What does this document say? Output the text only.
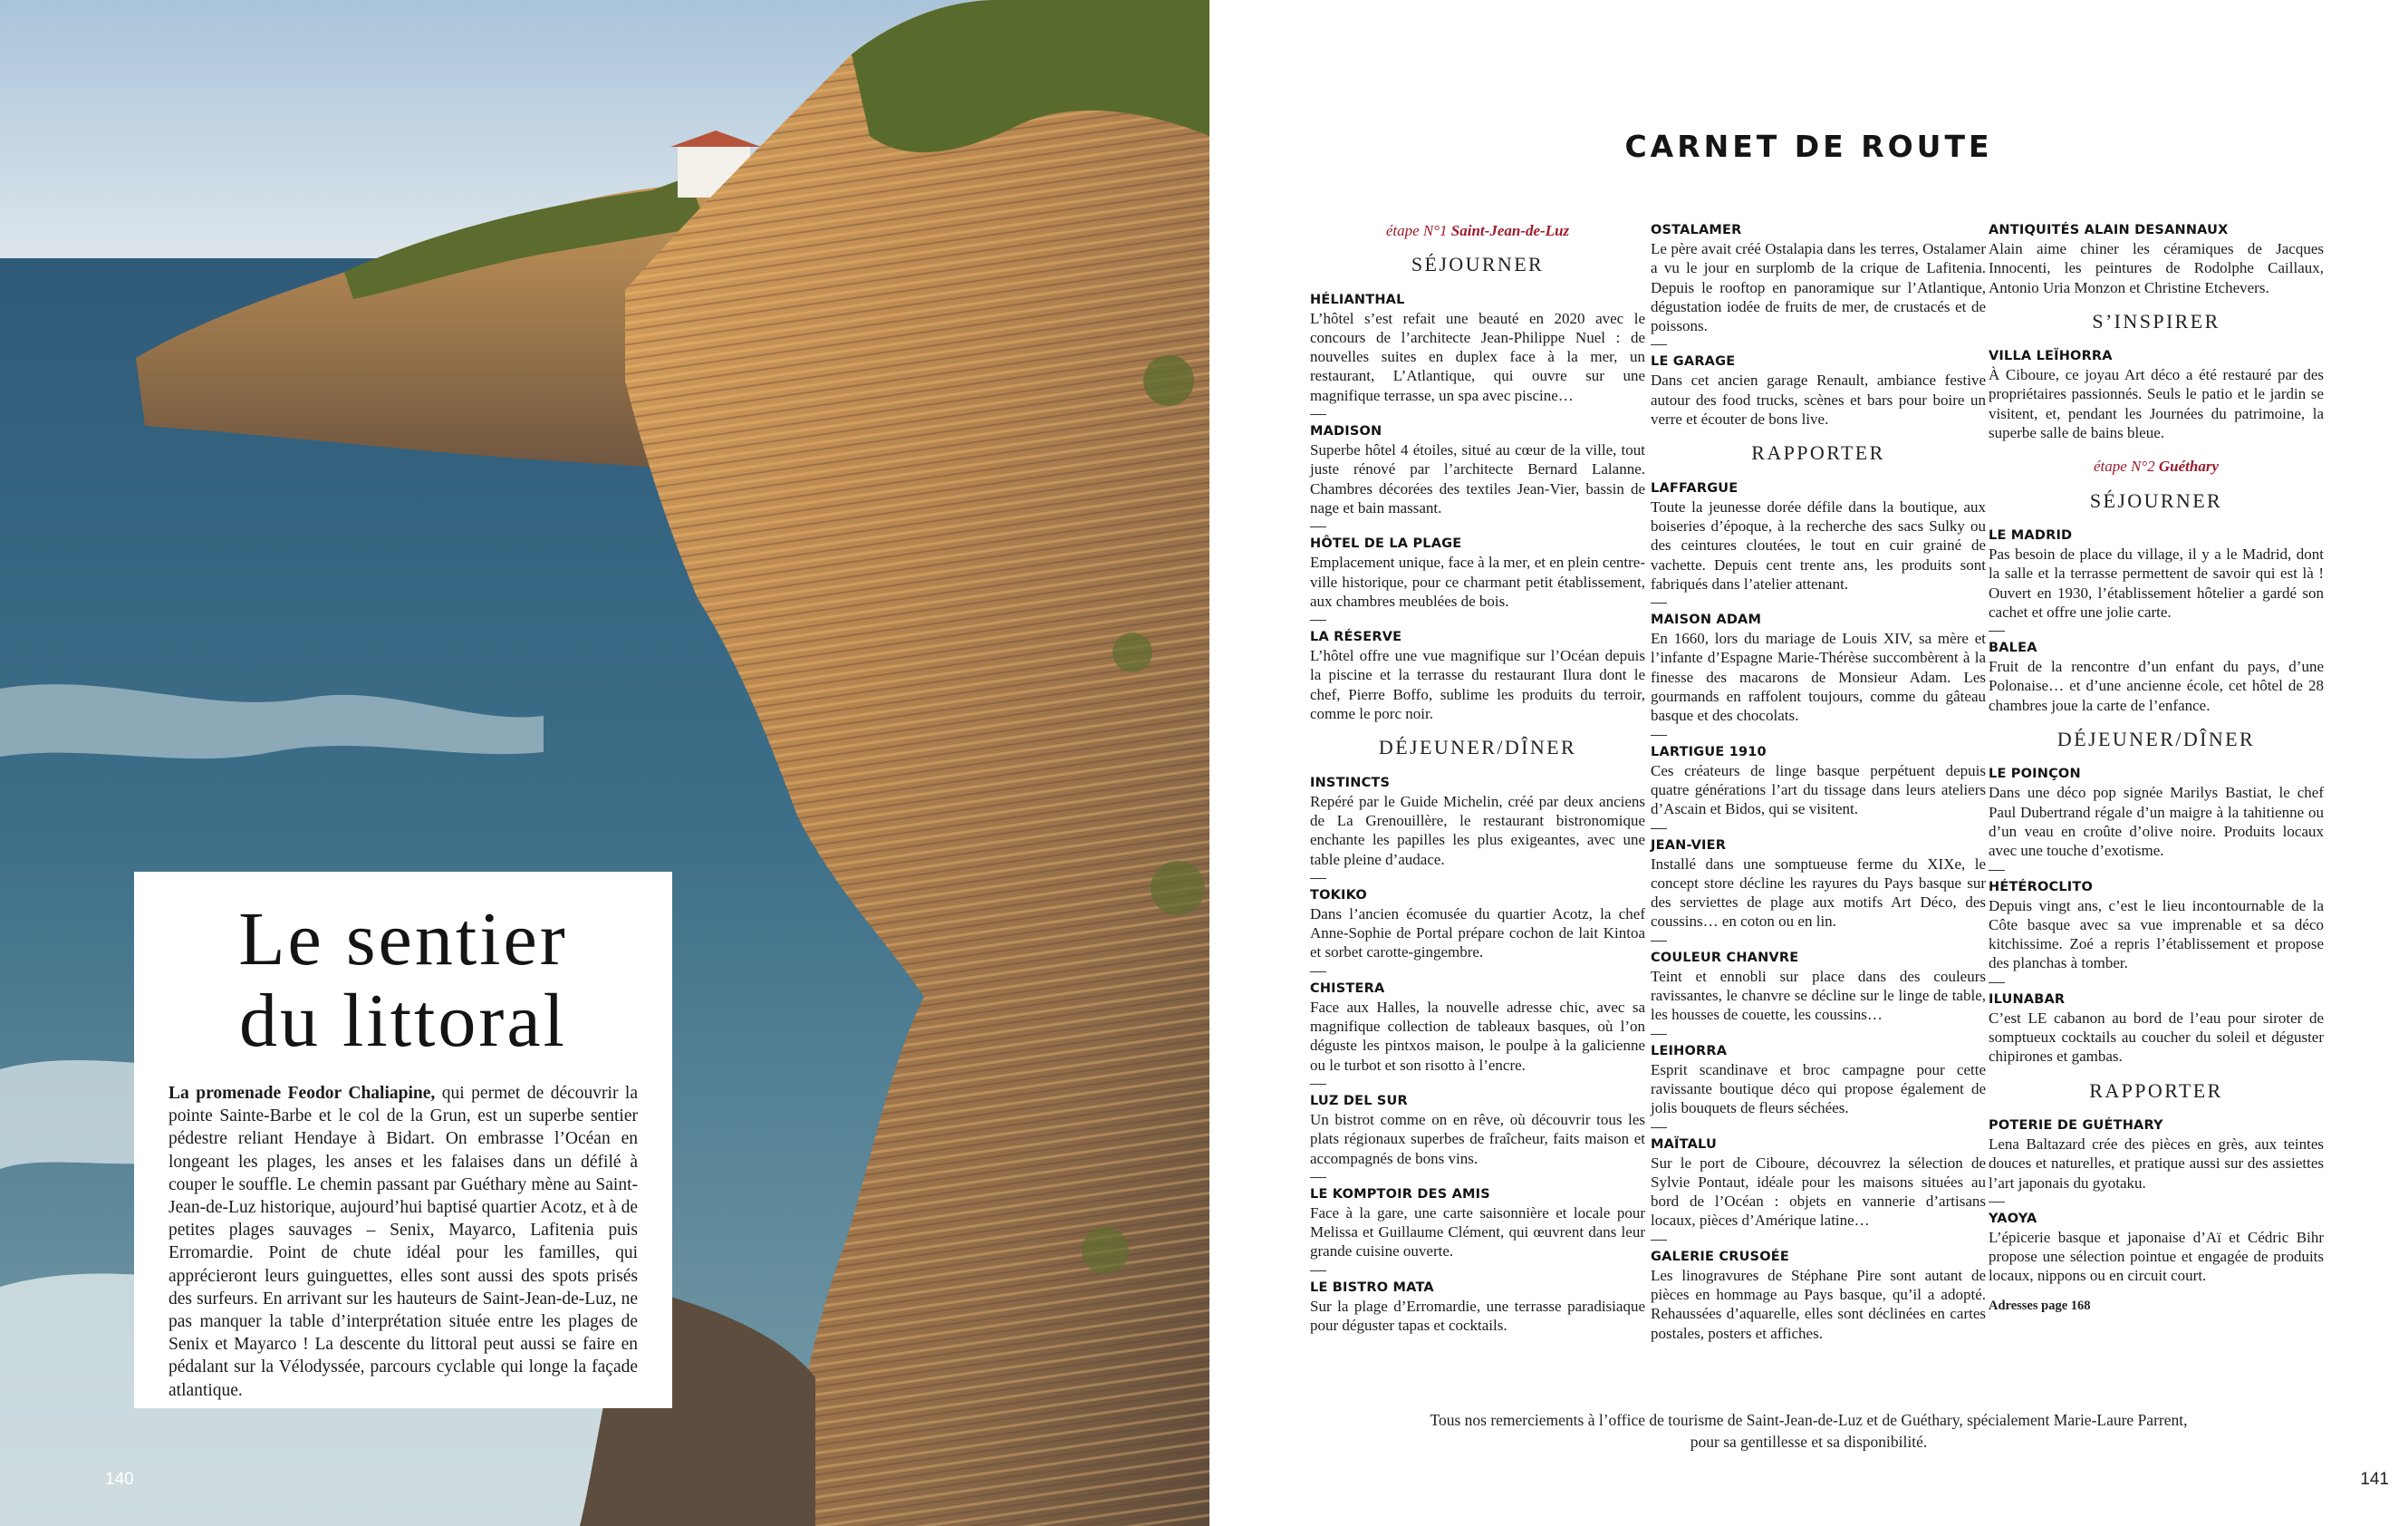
Le sentier
du littoral

La promenade Feodor Chaliapine, qui permet de découvrir la pointe Sainte-Barbe et le col de la Grun, est un superbe sentier pédestre reliant Hendaye à Bidart. On embrasse l’Océan en longeant les plages, les anses et les falaises dans un défilé à couper le souffle. Le chemin passant par Guéthary mène au Saint-Jean-de-Luz historique, aujourd’hui baptisé quartier Acotz, et à de petites plages sauvages – Senix, Mayarco, Lafitenia puis Erromardie. Point de chute idéal pour les familles, qui apprécieront leurs guinguettes, elles sont aussi des spots prisés des surfeurs. En arrivant sur les hauteurs de Saint-Jean-de-Luz, ne pas manquer la table d’interprétation située entre les plages de Senix et Mayarco ! La descente du littoral peut aussi se faire en pédalant sur la Vélodyssée, parcours cyclable qui longe la façade atlantique.

140
CARNET DE ROUTE
étape N°1 Saint-Jean-de-Luz
SÉJOURNER
HÉLIANTHAL
L’hôtel s’est refait une beauté en 2020 avec le concours de l’architecte Jean-Philippe Nuel : de nouvelles suites en duplex face à la mer, un restaurant, L’Atlantique, qui ouvre sur une magnifique terrasse, un spa avec piscine…
MADISON
Superbe hôtel 4 étoiles, situé au cœur de la ville, tout juste rénové par l’architecte Bernard Lalanne. Chambres décorées des textiles Jean-Vier, bassin de nage et bain massant.
HÔTEL DE LA PLAGE
Emplacement unique, face à la mer, et en plein centre-ville historique, pour ce charmant petit établissement, aux chambres meublées de bois.
LA RÉSERVE
L’hôtel offre une vue magnifique sur l’Océan depuis la piscine et la terrasse du restaurant Ilura dont le chef, Pierre Boffo, sublime les produits du terroir, comme le porc noir.
DÉJEUNER/DÎNER
INSTINCTS
Repéré par le Guide Michelin, créé par deux anciens de La Grenouillère, le restaurant bistronomique enchante les papilles les plus exigeantes, avec une table pleine d’audace.
TOKIKO
Dans l’ancien écomusée du quartier Acotz, la chef Anne-Sophie de Portal prépare cochon de lait Kintoa et sorbet carotte-gingembre.
CHISTERA
Face aux Halles, la nouvelle adresse chic, avec sa magnifique collection de tableaux basques, où l’on déguste les pintxos maison, le poulpe à la galicienne ou le turbot et son risotto à l’encre.
LUZ DEL SUR
Un bistrot comme on en rêve, où découvrir tous les plats régionaux superbes de fraîcheur, faits maison et accompagnés de bons vins.
LE KOMPTOIR DES AMIS
Face à la gare, une carte saisonnière et locale pour Melissa et Guillaume Clément, qui œuvrent dans leur grande cuisine ouverte.
LE BISTRO MATA
Sur la plage d’Erromardie, une terrasse paradisiaque pour déguster tapas et cocktails.
OSTALAMER
Le père avait créé Ostalapia dans les terres, Ostalamer a vu le jour en surplomb de la crique de Lafitenia. Depuis le rooftop en panoramique sur l’Atlantique, dégustation iodée de fruits de mer, de crustacés et de poissons.
LE GARAGE
Dans cet ancien garage Renault, ambiance festive autour des food trucks, scènes et bars pour boire un verre et écouter de bons live.
RAPPORTER
LAFFARGUE
Toute la jeunesse dorée défile dans la boutique, aux boiseries d’époque, à la recherche des sacs Sulky ou des ceintures cloutées, le tout en cuir grainé de vachette. Depuis cent trente ans, les produits sont fabriqués dans l’atelier attenant.
MAISON ADAM
En 1660, lors du mariage de Louis XIV, sa mère et l’infante d’Espagne Marie-Thérèse succombèrent à la finesse des macarons de Monsieur Adam. Les gourmands en raffolent toujours, comme du gâteau basque et des chocolats.
LARTIGUE 1910
Ces créateurs de linge basque perpétuent depuis quatre générations l’art du tissage dans leurs ateliers d’Ascain et Bidos, qui se visitent.
JEAN-VIER
Installé dans une somptueuse ferme du XIXe, le concept store décline les rayures du Pays basque sur des serviettes de plage aux motifs Art Déco, des coussins… en coton ou en lin.
COULEUR CHANVRE
Teint et ennobli sur place dans des couleurs ravissantes, le chanvre se décline sur le linge de table, les housses de couette, les coussins…
LEIHORRA
Esprit scandinave et broc campagne pour cette ravissante boutique déco qui propose également de jolis bouquets de fleurs séchées.
MAÏTALU
Sur le port de Ciboure, découvrez la sélection de Sylvie Pontaut, idéale pour les maisons situées au bord de l’Océan : objets en vannerie d’artisans locaux, pièces d’Amérique latine…
GALERIE CRUSOÉE
Les linogravures de Stéphane Pire sont autant de pièces en hommage au Pays basque, qu’il a adopté. Rehaussées d’aquarelle, elles sont déclinées en cartes postales, posters et affiches.
ANTIQUITÉS ALAIN DESANNAUX
Alain aime chiner les céramiques de Jacques Innocenti, les peintures de Rodolphe Caillaux, Antonio Uria Monzon et Christine Etchevers.
S’INSPIRER
VILLA LEÏHORRA
À Ciboure, ce joyau Art déco a été restauré par des propriétaires passionnés. Seuls le patio et le jardin se visitent, et, pendant les Journées du patrimoine, la superbe salle de bains bleue.
étape N°2 Guéthary
SÉJOURNER
LE MADRID
Pas besoin de place du village, il y a le Madrid, dont la salle et la terrasse permettent de savoir qui est là ! Ouvert en 1930, l’établissement hôtelier a gardé son cachet et offre une jolie carte.
BALEA
Fruit de la rencontre d’un enfant du pays, d’une Polonaise… et d’une ancienne école, cet hôtel de 28 chambres joue la carte de l’enfance.
DÉJEUNER/DÎNER
LE POINÇON
Dans une déco pop signée Marilys Bastiat, le chef Paul Dubertrand régale d’un maigre à la tahitienne ou d’un veau en croûte d’olive noire. Produits locaux avec une touche d’exotisme.
HÉTÉROCLITO
Depuis vingt ans, c’est le lieu incontournable de la Côte basque avec sa vue imprenable et sa déco kitchissime. Zoé a repris l’établissement et propose des planchas à tomber.
ILUNABAR
C’est LE cabanon au bord de l’eau pour siroter de somptueux cocktails au coucher du soleil et déguster chipirones et gambas.
RAPPORTER
POTERIE DE GUÉTHARY
Lena Baltazard crée des pièces en grès, aux teintes douces et naturelles, et pratique aussi sur des assiettes l’art japonais du gyotaku.
YAOYA
L’épicerie basque et japonaise d’Aï et Cédric Bihr propose une sélection pointue et engagée de produits locaux, nippons ou en circuit court.
Adresses page 168
Tous nos remerciements à l’office de tourisme de Saint-Jean-de-Luz et de Guéthary, spécialement Marie-Laure Parrent,
pour sa gentillesse et sa disponibilité.
141
